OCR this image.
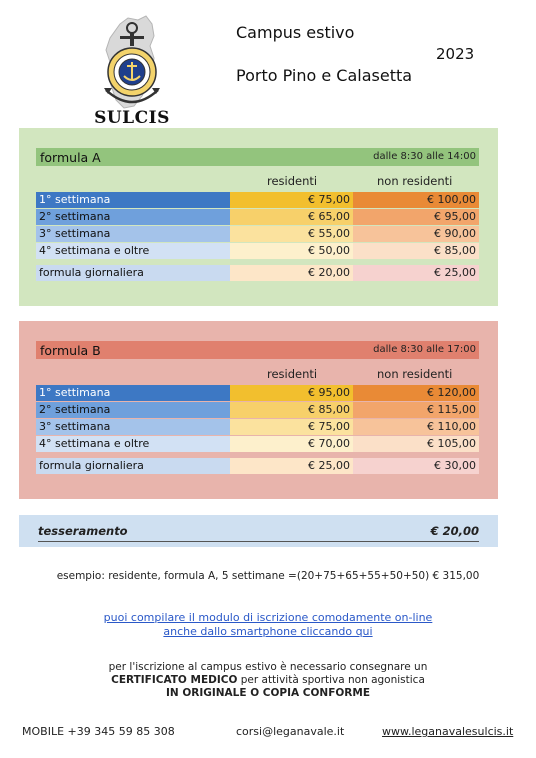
SULCIS
Campus estivo
2023
Porto Pino e Calasetta
formula A	dalle 8:30 alle 14:00
residenti	non residenti
1° settimana	€ 75,00	€ 100,00
2° settimana	€ 65,00	€ 95,00
3° settimana	€ 55,00	€ 90,00
4° settimana e oltre	€ 50,00	€ 85,00
formula giornaliera	€ 20,00	€ 25,00
formula B	dalle 8:30 alle 17:00
residenti	non residenti
1° settimana	€ 95,00	€ 120,00
2° settimana	€ 85,00	€ 115,00
3° settimana	€ 75,00	€ 110,00
4° settimana e oltre	€ 70,00	€ 105,00
formula giornaliera	€ 25,00	€ 30,00
tesseramento	€ 20,00
esempio: residente, formula A, 5 settimane =(20+75+65+55+50+50) € 315,00
puoi compilare il modulo di iscrizione comodamente on-line
anche dallo smartphone cliccando qui
per l'iscrizione al campus estivo è necessario consegnare un
CERTIFICATO MEDICO per attività sportiva non agonistica
IN ORIGINALE O COPIA CONFORME
MOBILE +39 345 59 85 308	corsi@leganavale.it	www.leganavalesulcis.it
